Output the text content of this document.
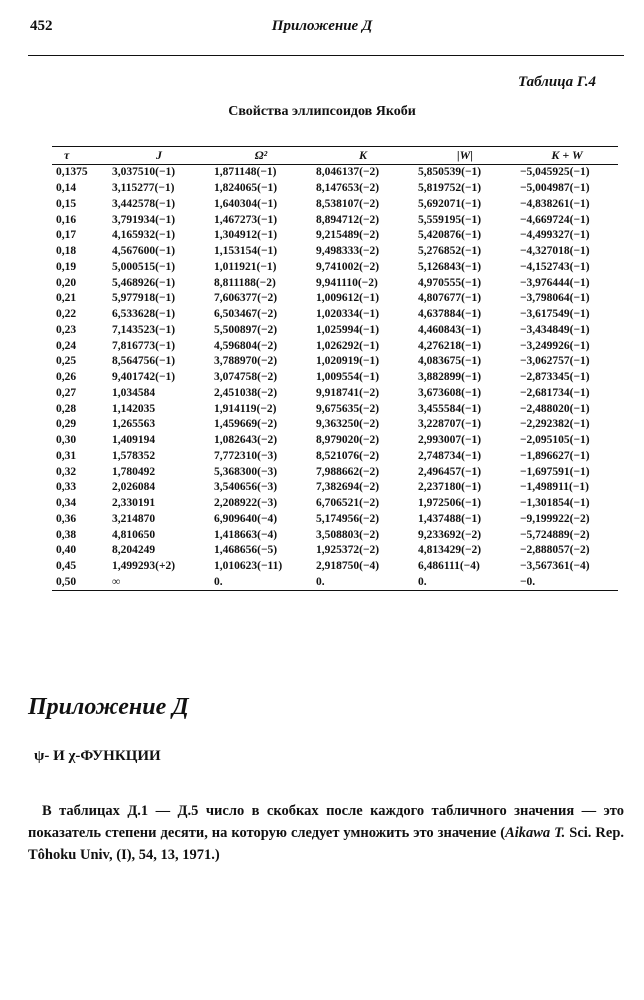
452	Приложение Д
Таблица Г.4
Свойства эллипсоидов Якоби
τ	J	Ω²	K	|W|	K + W
0,1375	3,037510(−1)	1,871148(−1)	8,046137(−2)	5,850539(−1)	−5,045925(−1)
0,14	3,115277(−1)	1,824065(−1)	8,147653(−2)	5,819752(−1)	−5,004987(−1)
0,15	3,442578(−1)	1,640304(−1)	8,538107(−2)	5,692071(−1)	−4,838261(−1)
0,16	3,791934(−1)	1,467273(−1)	8,894712(−2)	5,559195(−1)	−4,669724(−1)
0,17	4,165932(−1)	1,304912(−1)	9,215489(−2)	5,420876(−1)	−4,499327(−1)
0,18	4,567600(−1)	1,153154(−1)	9,498333(−2)	5,276852(−1)	−4,327018(−1)
0,19	5,000515(−1)	1,011921(−1)	9,741002(−2)	5,126843(−1)	−4,152743(−1)
0,20	5,468926(−1)	8,811188(−2)	9,941110(−2)	4,970555(−1)	−3,976444(−1)
0,21	5,977918(−1)	7,606377(−2)	1,009612(−1)	4,807677(−1)	−3,798064(−1)
0,22	6,533628(−1)	6,503467(−2)	1,020334(−1)	4,637884(−1)	−3,617549(−1)
0,23	7,143523(−1)	5,500897(−2)	1,025994(−1)	4,460843(−1)	−3,434849(−1)
0,24	7,816773(−1)	4,596804(−2)	1,026292(−1)	4,276218(−1)	−3,249926(−1)
0,25	8,564756(−1)	3,788970(−2)	1,020919(−1)	4,083675(−1)	−3,062757(−1)
0,26	9,401742(−1)	3,074758(−2)	1,009554(−1)	3,882899(−1)	−2,873345(−1)
0,27	1,034584	2,451038(−2)	9,918741(−2)	3,673608(−1)	−2,681734(−1)
0,28	1,142035	1,914119(−2)	9,675635(−2)	3,455584(−1)	−2,488020(−1)
0,29	1,265563	1,459669(−2)	9,363250(−2)	3,228707(−1)	−2,292382(−1)
0,30	1,409194	1,082643(−2)	8,979020(−2)	2,993007(−1)	−2,095105(−1)
0,31	1,578352	7,772310(−3)	8,521076(−2)	2,748734(−1)	−1,896627(−1)
0,32	1,780492	5,368300(−3)	7,988662(−2)	2,496457(−1)	−1,697591(−1)
0,33	2,026084	3,540656(−3)	7,382694(−2)	2,237180(−1)	−1,498911(−1)
0,34	2,330191	2,208922(−3)	6,706521(−2)	1,972506(−1)	−1,301854(−1)
0,36	3,214870	6,909640(−4)	5,174956(−2)	1,437488(−1)	−9,199922(−2)
0,38	4,810650	1,418663(−4)	3,508803(−2)	9,233692(−2)	−5,724889(−2)
0,40	8,204249	1,468656(−5)	1,925372(−2)	4,813429(−2)	−2,888057(−2)
0,45	1,499293(+2)	1,010623(−11)	2,918750(−4)	6,486111(−4)	−3,567361(−4)
0,50	∞	0.	0.	0.	−0.
Приложение Д
ψ- И χ-ФУНКЦИИ
В таблицах Д.1 — Д.5 число в скобках после каждого табличного значения — это показатель степени десяти, на которую следует умножить это значение (Aikawa T. Sci. Rep. Tôhoku Univ, (I), 54, 13, 1971.)
